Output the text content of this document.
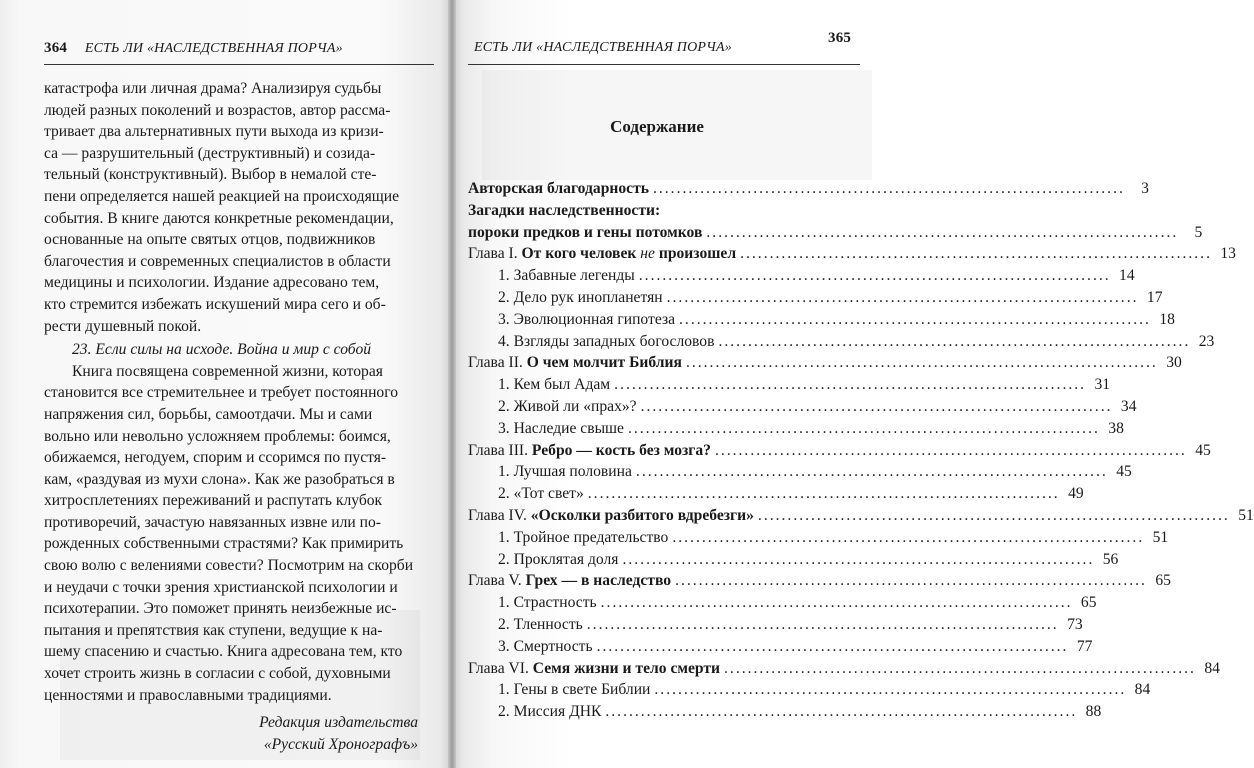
364 ЕСТЬ ЛИ «НАСЛЕДСТВЕННАЯ ПОРЧА»	ЕСТЬ ЛИ «НАСЛЕДСТВЕННАЯ ПОРЧА»
365
катастрофа или личная драма? Анализируя судьбы
людей разных поколений и возрастов, автор рассма-
тривает два альтернативных пути выхода из кризи-
са — разрушительный (деструктивный) и созида-
тельный (конструктивный). Выбор в немалой сте-
пени определяется нашей реакцией на происходящие
события. В книге даются конкретные рекомендации,
основанные на опыте святых отцов, подвижников
благочестия и современных специалистов в области
медицины и психологии. Издание адресовано тем,
кто стремится избежать искушений мира сего и об-
рести душевный покой.
23. Если силы на исходе. Война и мир с собой
Книга посвящена современной жизни, которая
становится все стремительнее и требует постоянного
напряжения сил, борьбы, самоотдачи. Мы и сами
вольно или невольно усложняем проблемы: боимся,
обижаемся, негодуем, спорим и ссоримся по пустя-
кам, «раздувая из мухи слона». Как же разобраться в
хитросплетениях переживаний и распутать клубок
противоречий, зачастую навязанных извне или по-
рожденных собственными страстями? Как примирить
свою волю с велениями совести? Посмотрим на скорби
и неудачи с точки зрения христианской психологии и
психотерапии. Это поможет принять неизбежные ис-
пытания и препятствия как ступени, ведущие к на-
шему спасению и счастью. Книга адресована тем, кто
хочет строить жизнь в согласии с собой, духовными
ценностями и православными традициями.
Редакция издательства
«Русский Хронографъ»
Содержание
Авторская благодарность ................................................................................	3
Загадки наследственности:
пороки предков и гены потомков ................................................................................	5
Глава I. От кого человек не произошел ................................................................................ 13
1. Забавные легенды ................................................................................ 14
2. Дело рук инопланетян ................................................................................ 17
3. Эволюционная гипотеза ................................................................................ 18
4. Взгляды западных богословов ................................................................................ 23
Глава II. О чем молчит Библия ................................................................................ 30
1. Кем был Адам ................................................................................ 31
2. Живой ли «прах»? ................................................................................ 34
3. Наследие свыше ................................................................................ 38
Глава III. Ребро — кость без мозга? ................................................................................ 45
1. Лучшая половина ................................................................................ 45
2. «Тот свет» ................................................................................ 49
Глава IV. «Осколки разбитого вдребезги» ................................................................................ 51
1. Тройное предательство ................................................................................ 51
2. Проклятая доля ................................................................................ 56
Глава V. Грех — в наследство ................................................................................ 65
1. Страстность ................................................................................ 65
2. Тленность ................................................................................ 73
3. Смертность ................................................................................ 77
Глава VI. Семя жизни и тело смерти ................................................................................ 84
1. Гены в свете Библии ................................................................................ 84
2. Миссия ДНК ................................................................................ 88
